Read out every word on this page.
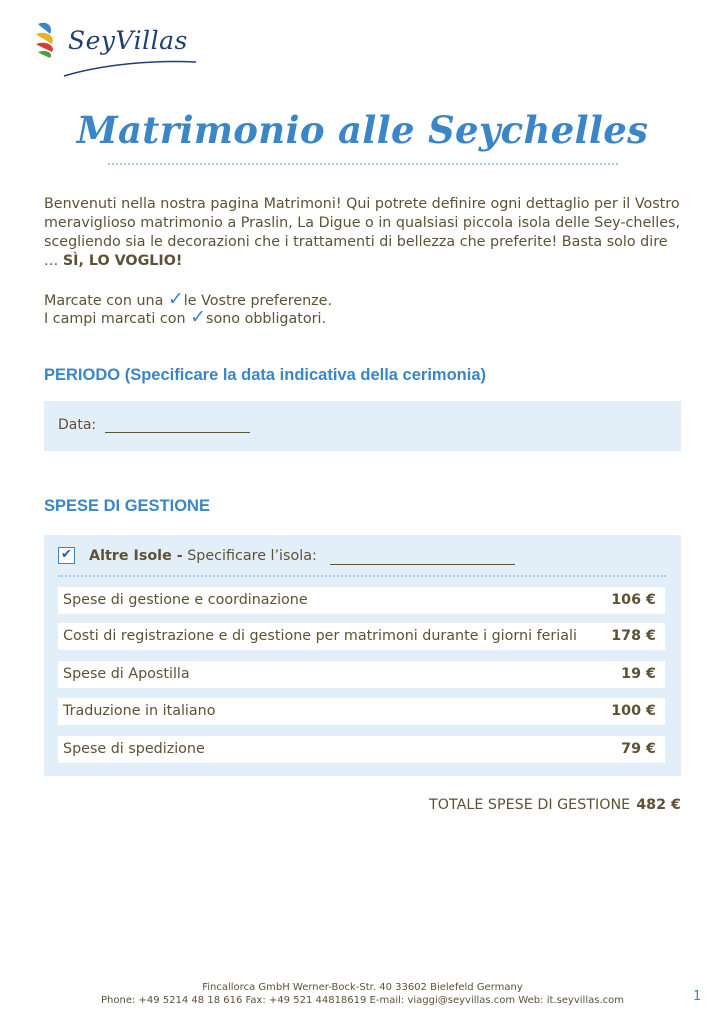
SeyVillas
Matrimonio alle Seychelles

Benvenuti nella nostra pagina Matrimoni! Qui potrete definire ogni dettaglio per il Vostro meraviglioso matrimonio a Praslin, La Digue o in qualsiasi piccola isola delle Sey-chelles, scegliendo sia le decorazioni che i trattamenti di bellezza che preferite! Basta solo dire … SÌ, LO VOGLIO!

Marcate con una ✓le Vostre preferenze.

I campi marcati con ✓sono obbligatori.

PERIODO (Specificare la data indicativa della cerimonia)
Data:
SPESE DI GESTIONE
✔ Altre Isole - Specificare l’isola:
Spese di gestione e coordinazione	106 €
Costi di registrazione e di gestione per matrimoni durante i giorni feriali 178 €
Spese di Apostilla	19 €
Traduzione in italiano	100 €
Spese di spedizione	79 €
TOTALE SPESE DI GESTIONE 482 €
Fincallorca GmbH Werner-Bock-Str. 40 33602 Bielefeld Germany
Phone: +49 5214 48 18 616 Fax: +49 521 44818619 E-mail: viaggi@seyvillas.com Web: it.seyvillas.com	1
